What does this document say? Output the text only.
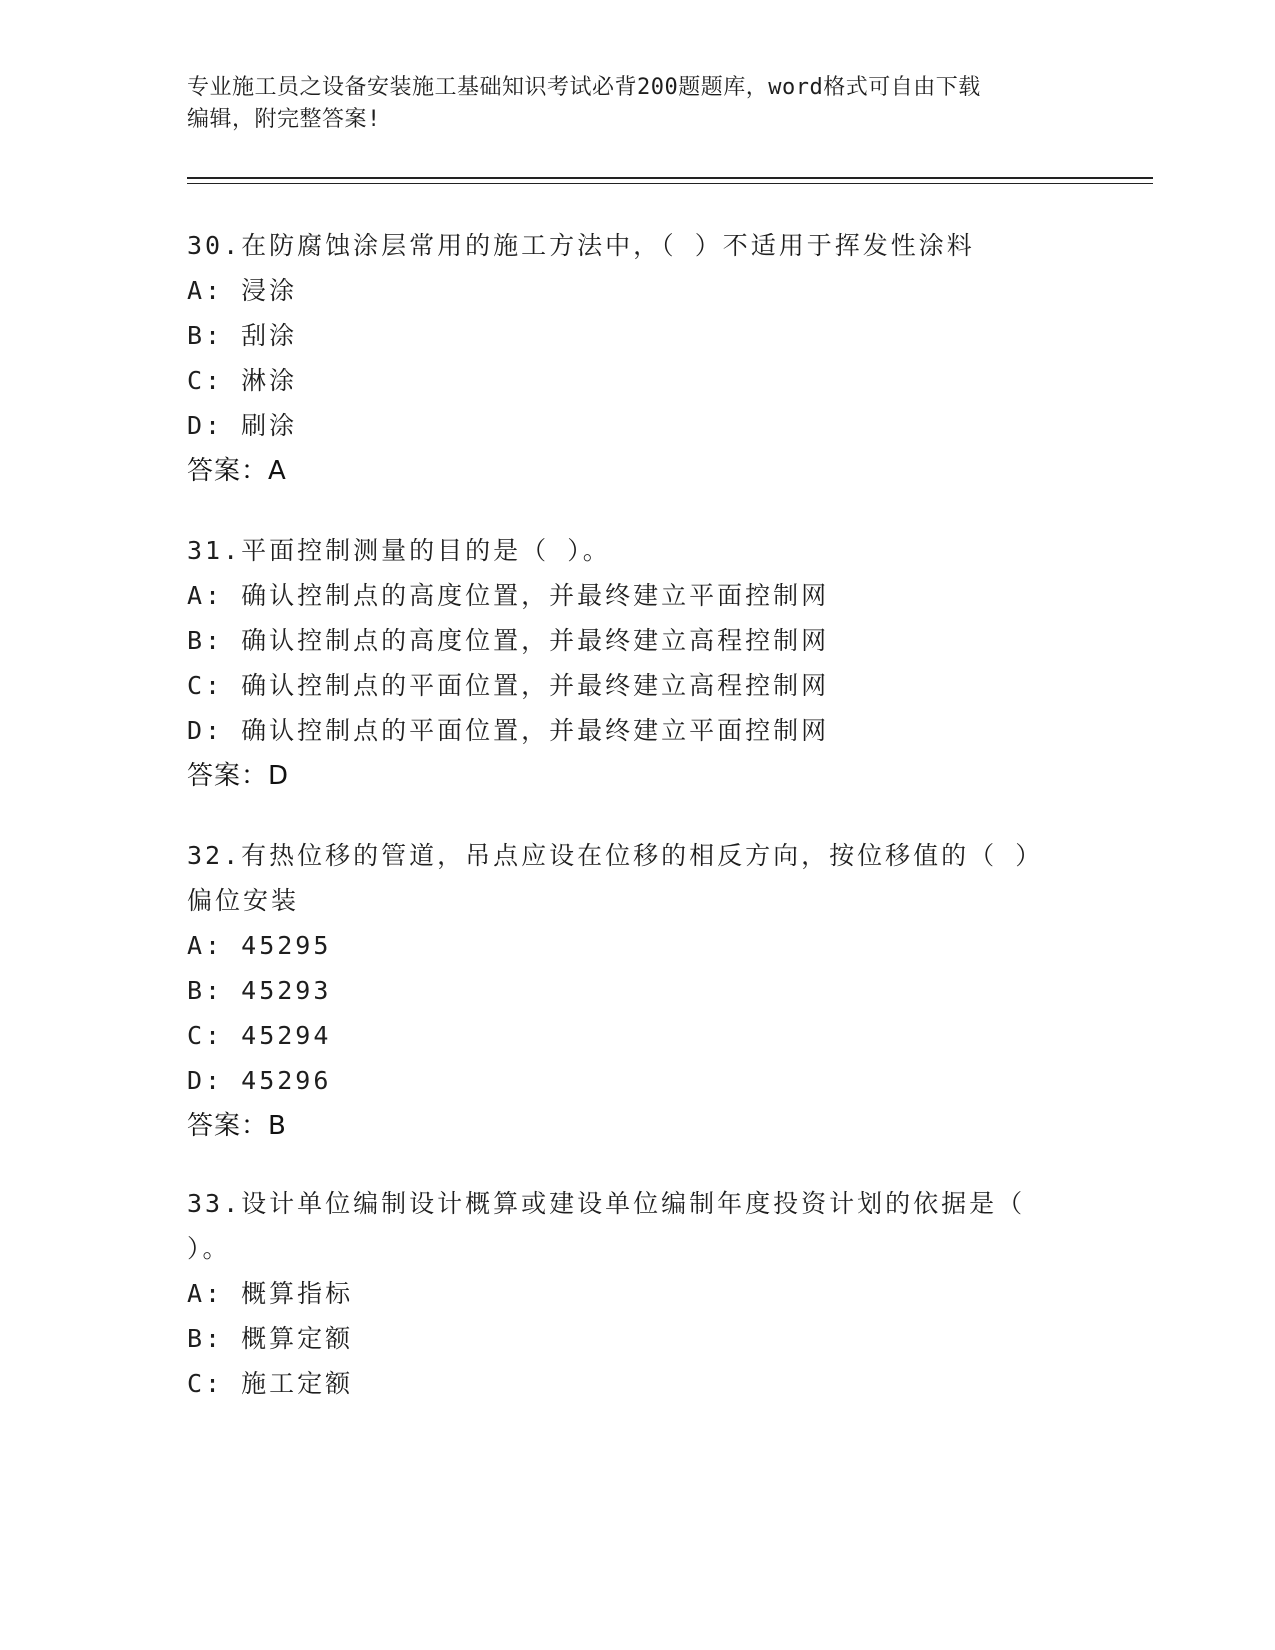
专业施工员之设备安装施工基础知识考试必背200题题库，word格式可自由下载
编辑，附完整答案!

30.在防腐蚀涂层常用的施工方法中，（ ）不适用于挥发性涂料

A: 浸涂

B: 刮涂

C: 淋涂

D: 刷涂

答案：A

31.平面控制测量的目的是（ ）。

A: 确认控制点的高度位置，并最终建立平面控制网

B: 确认控制点的高度位置，并最终建立高程控制网

C: 确认控制点的平面位置，并最终建立高程控制网

D: 确认控制点的平面位置，并最终建立平面控制网

答案：D

32.有热位移的管道，吊点应设在位移的相反方向，按位移值的（ ）

偏位安装

A: 45295

B: 45293

C: 45294

D: 45296

答案：B

33.设计单位编制设计概算或建设单位编制年度投资计划的依据是（

）。

A: 概算指标

B: 概算定额

C: 施工定额
